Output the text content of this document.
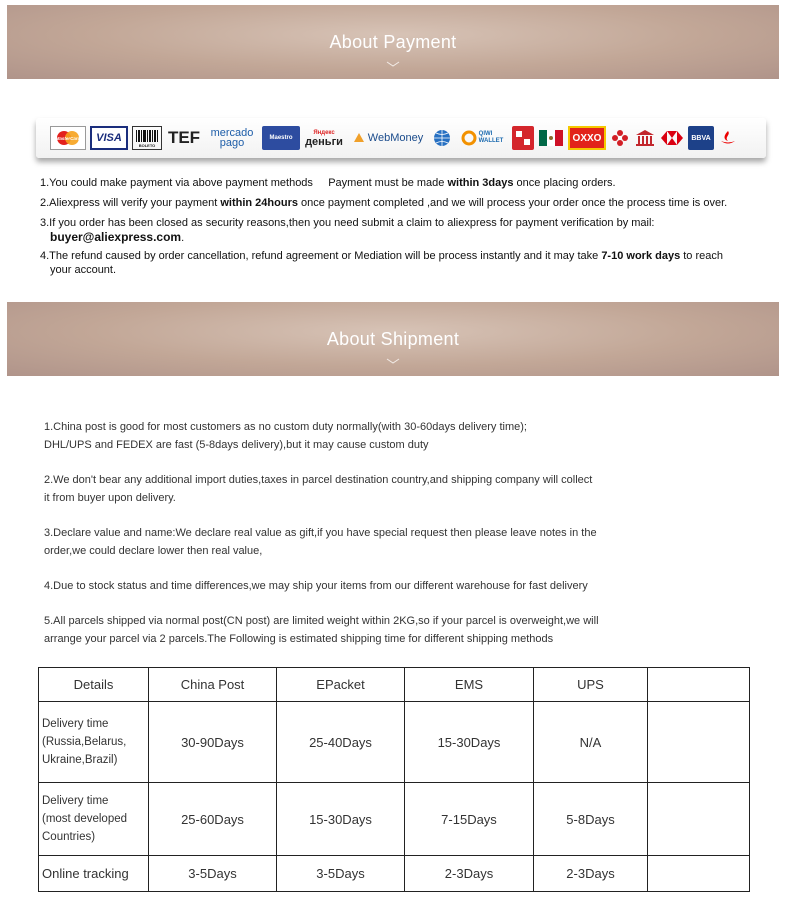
About Payment
MasterCard	VISA
BOLETO TEF mercado
pago	Maestro
Яндекс
деньги WebMoney	QIWI
WALLET	OXXO	BBVA

1.You could make payment via above payment methods Payment must be made within 3days once placing orders.

2.Aliexpress will verify your payment within 24hours once payment completed ,and we will process your order once the process time is over.

3.If you order has been closed as security reasons,then you need submit a claim to aliexpress for payment verification by mail:
buyer@aliexpress.com.

4.The refund caused by order cancellation, refund agreement or Mediation will be process instantly and it may take 7-10 work days to reach
your account.

About Shipment

1.China post is good for most customers as no custom duty normally(with 30-60days delivery time);
DHL/UPS and FEDEX are fast (5-8days delivery),but it may cause custom duty

2.We don't bear any additional import duties,taxes in parcel destination country,and shipping company will collect
it from buyer upon delivery.

3.Declare value and name:We declare real value as gift,if you have special request then please leave notes in the
order,we could declare lower then real value,

4.Due to stock status and time differences,we may ship your items from our different warehouse for fast delivery

5.All parcels shipped via normal post(CN post) are limited weight within 2KG,so if your parcel is overweight,we will
arrange your parcel via 2 parcels.The Following is estimated shipping time for different shipping methods

Details	China Post	EPacket	EMS	UPS	
Delivery time
(Russia,Belarus,
Ukraine,Brazil)	30-90Days	25-40Days	15-30Days	N/A	
Delivery time
(most developed
Countries)	25-60Days	15-30Days	7-15Days	5-8Days	
Online tracking	3-5Days	3-5Days	2-3Days	2-3Days	
